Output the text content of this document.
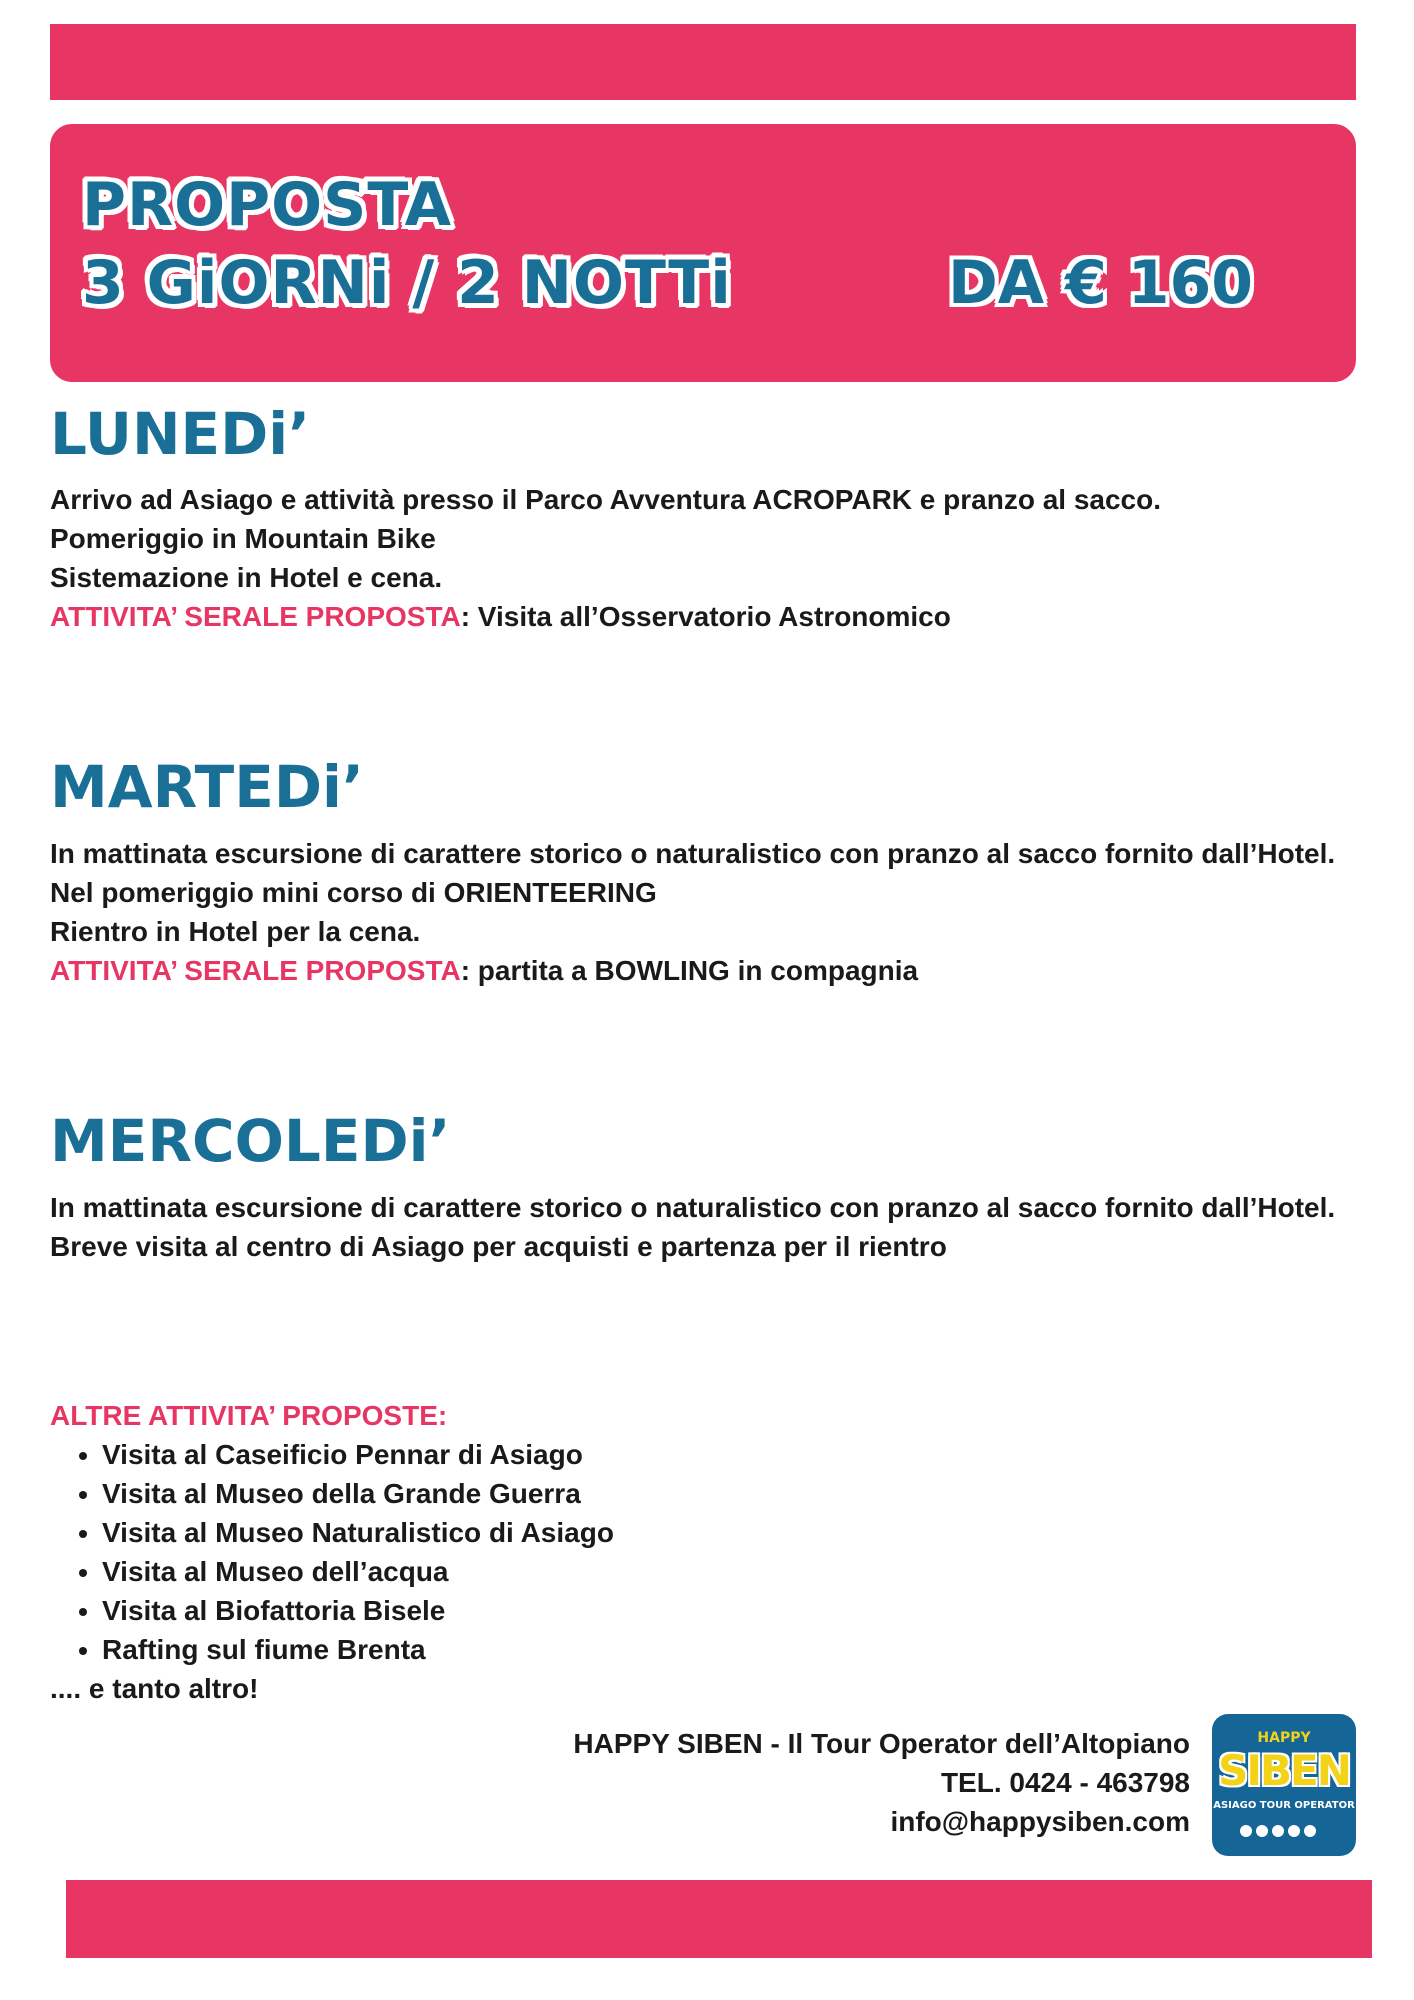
PROPOSTA
3 GiORNi / 2 NOTTi	DA € 160
LUNEDi’

Arrivo ad Asiago e attività presso il Parco Avventura ACROPARK e pranzo al sacco.

Pomeriggio in Mountain Bike

Sistemazione in Hotel e cena.

ATTIVITA’ SERALE PROPOSTA: Visita all’Osservatorio Astronomico

MARTEDi’

In mattinata escursione di carattere storico o naturalistico con pranzo al sacco fornito dall’Hotel.

Nel pomeriggio mini corso di ORIENTEERING

Rientro in Hotel per la cena.

ATTIVITA’ SERALE PROPOSTA: partita a BOWLING in compagnia

MERCOLEDi’

In mattinata escursione di carattere storico o naturalistico con pranzo al sacco fornito dall’Hotel.

Breve visita al centro di Asiago per acquisti e partenza per il rientro

ALTRE ATTIVITA’ PROPOSTE:

• Visita al Caseificio Pennar di Asiago
• Visita al Museo della Grande Guerra
• Visita al Museo Naturalistico di Asiago
• Visita al Museo dell’acqua
• Visita al Biofattoria Bisele
• Rafting sul fiume Brenta

.... e tanto altro!

HAPPY SIBEN - Il Tour Operator dell’Altopiano

TEL. 0424 - 463798

info@happysiben.com

HAPPY
SIBEN
ASIAGO TOUR OPERATOR
